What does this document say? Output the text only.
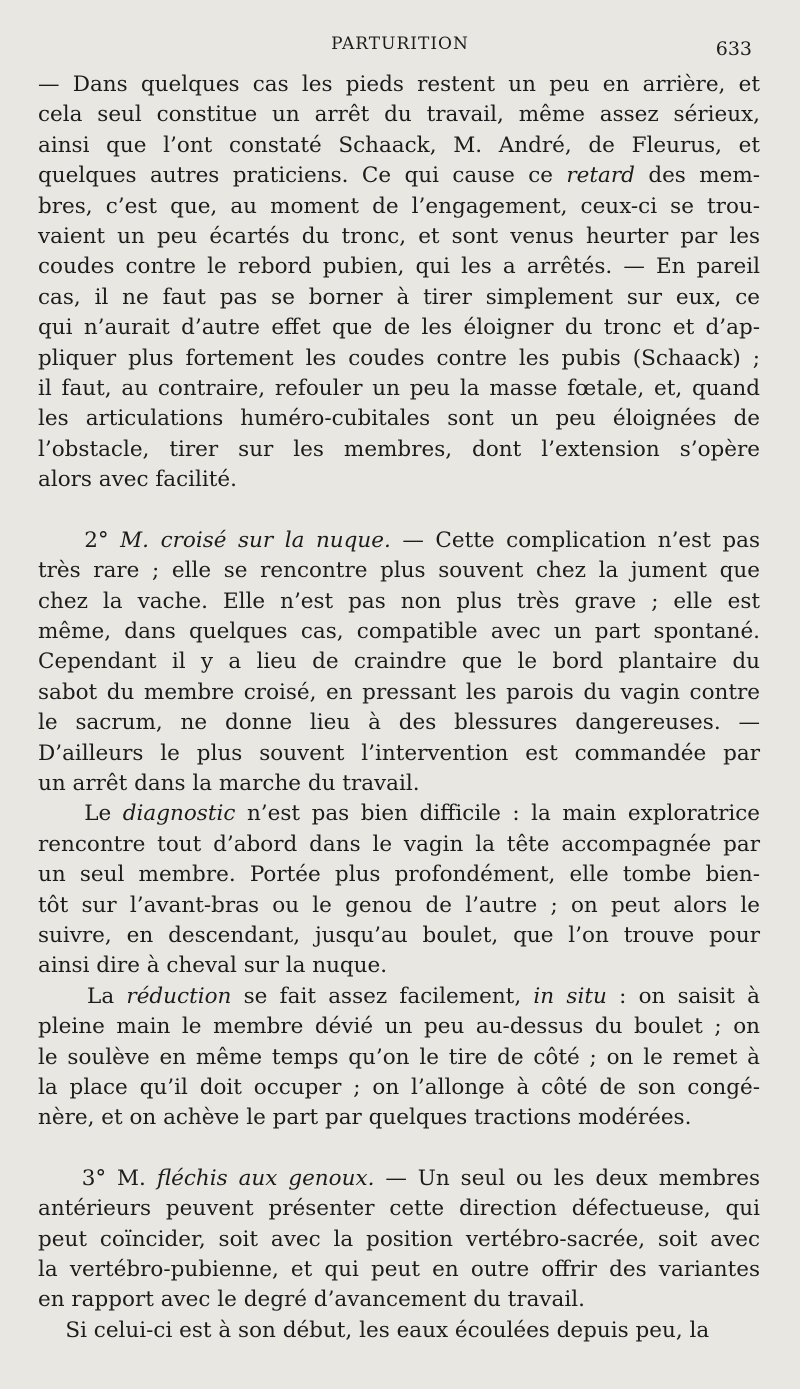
PARTURITION	633

— Dans quelques cas les pieds restent un peu en arrière, et
cela seul constitue un arrêt du travail, même assez sérieux,
ainsi que l’ont constaté Schaack, M. André, de Fleurus, et
quelques autres praticiens. Ce qui cause ce retard des mem-
bres, c’est que, au moment de l’engagement, ceux-ci se trou-
vaient un peu écartés du tronc, et sont venus heurter par les
coudes contre le rebord pubien, qui les a arrêtés. — En pareil
cas, il ne faut pas se borner à tirer simplement sur eux, ce
qui n’aurait d’autre effet que de les éloigner du tronc et d’ap-
pliquer plus fortement les coudes contre les pubis (Schaack) ;
il faut, au contraire, refouler un peu la masse fœtale, et, quand
les articulations huméro-cubitales sont un peu éloignées de
l’obstacle, tirer sur les membres, dont l’extension s’opère
alors avec facilité.

2° M. croisé sur la nuque. — Cette complication n’est pas
très rare ; elle se rencontre plus souvent chez la jument que
chez la vache. Elle n’est pas non plus très grave ; elle est
même, dans quelques cas, compatible avec un part spontané.
Cependant il y a lieu de craindre que le bord plantaire du
sabot du membre croisé, en pressant les parois du vagin contre
le sacrum, ne donne lieu à des blessures dangereuses. —
D’ailleurs le plus souvent l’intervention est commandée par
un arrêt dans la marche du travail.

Le diagnostic n’est pas bien difficile : la main exploratrice
rencontre tout d’abord dans le vagin la tête accompagnée par
un seul membre. Portée plus profondément, elle tombe bien-
tôt sur l’avant-bras ou le genou de l’autre ; on peut alors le
suivre, en descendant, jusqu’au boulet, que l’on trouve pour
ainsi dire à cheval sur la nuque.

La réduction se fait assez facilement, in situ : on saisit à
pleine main le membre dévié un peu au-dessus du boulet ; on
le soulève en même temps qu’on le tire de côté ; on le remet à
la place qu’il doit occuper ; on l’allonge à côté de son congé-
nère, et on achève le part par quelques tractions modérées.

3° M. fléchis aux genoux. — Un seul ou les deux membres
antérieurs peuvent présenter cette direction défectueuse, qui
peut coïncider, soit avec la position vertébro-sacrée, soit avec
la vertébro-pubienne, et qui peut en outre offrir des variantes
en rapport avec le degré d’avancement du travail.

Si celui-ci est à son début, les eaux écoulées depuis peu, la
